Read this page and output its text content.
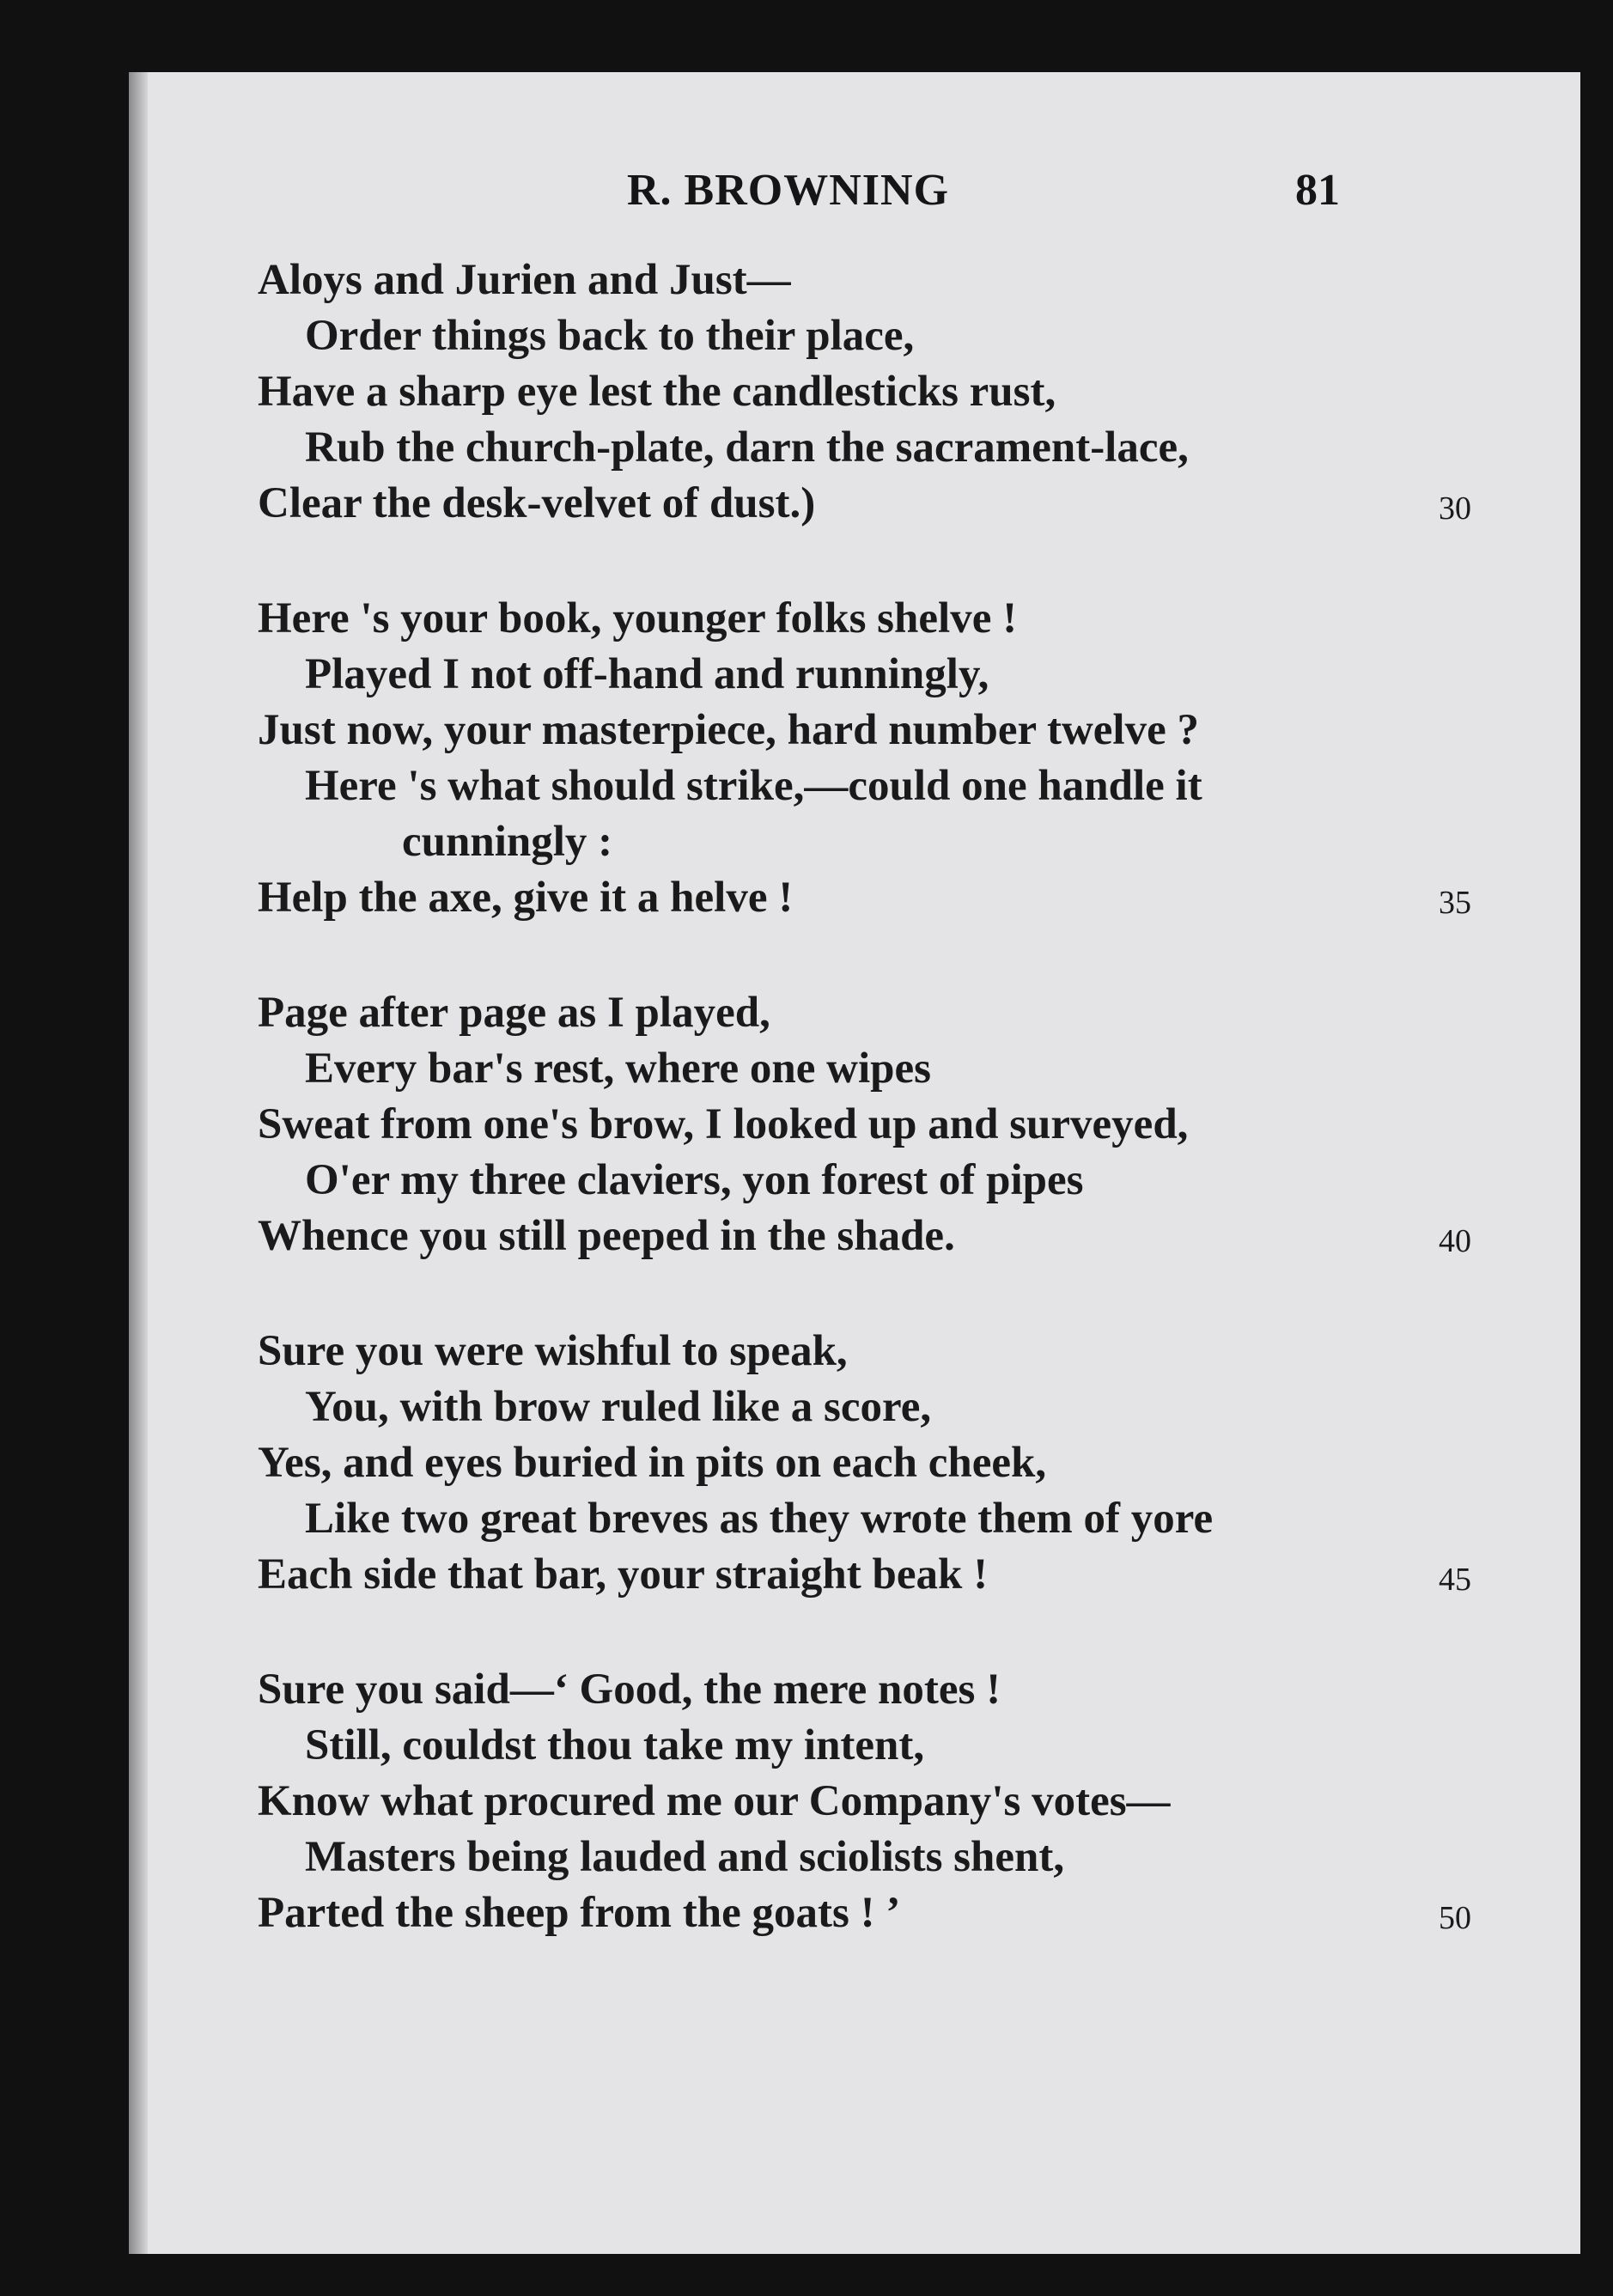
R. BROWNING	81
Aloys and Jurien and Just—
Order things back to their place,
Have a sharp eye lest the candlesticks rust,
Rub the church-plate, darn the sacrament-lace,
Clear the desk-velvet of dust.)	30
Here 's your book, younger folks shelve !
Played I not off-hand and runningly,
Just now, your masterpiece, hard number twelve ?
Here 's what should strike,—could one handle it
cunningly :
Help the axe, give it a helve !	35
Page after page as I played,
Every bar's rest, where one wipes
Sweat from one's brow, I looked up and surveyed,
O'er my three claviers, yon forest of pipes
Whence you still peeped in the shade.	40
Sure you were wishful to speak,
You, with brow ruled like a score,
Yes, and eyes buried in pits on each cheek,
Like two great breves as they wrote them of yore
Each side that bar, your straight beak !	45
Sure you said—‘ Good, the mere notes !
Still, couldst thou take my intent,
Know what procured me our Company's votes—
Masters being lauded and sciolists shent,
Parted the sheep from the goats ! ’	50
